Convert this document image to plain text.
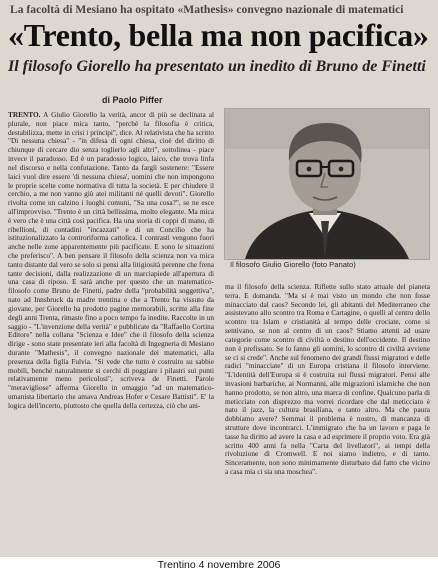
La facoltà di Mesiano ha ospitato «Mathesis» convegno nazionale di matematici
«Trento, bella ma non pacifica»
Il filosofo Giorello ha presentato un inedito di Bruno de Finetti
di Paolo Piffer

TRENTO. A Giulio Giorello la verità, ancor di più se declinata al plurale, non piace mica tanto, "perché la filosofia è critica, destabilizza, mette in crisi i principi", dice. Al relativista che ha scritto "Di nessuna chiesa" - "in difesa di ogni chiesa, cioè del diritto di chiunque di cercare dio senza toglierlo agli altri", sottolinea - piace invece il paradosso. Ed è un paradosso logico, laico, che trova linfa nel discorso e nella confutazione. Tanto da fargli sostenere: "Essere laici vuol dire essere 'di nessuna chiesa', uomini che non impongono le proprie scelte come normativa di tutta la società. E per chiudere il cerchio, a me non vanno giù atei militanti né quelli devoti". Giorello rivolta come un calzino i luoghi comuni, "Sa una cosa?", se ne esce all'improvviso. "Trento è un città bellissima, molto elegante. Ma mica è vero che è una città così pacifica. Ha una storia di coppi di mano, di ribellioni, di contadini "incazzati" e di un Concilio che ha istituzionalizzato la controriforma cattolica. I contrasti vengono fuori anche nelle zone apparentemente più pacificate. E sono le situazioni che preferisco". A ben pensare il filosofo della scienza non va mica tanto distante dal vero se solo si pensi alla litigiosità perenne che frena tante decisioni, dalla realizzazione di un marciapiede all'apertura di una casa di riposo. E sarà anche per questo che un matematico-filosofo come Bruno de Finetti, padre della "probabilità soggettiva", nato ad Innsbruck da madre trentina e che a Trento ha vissuto da giovane, per Giorello ha prodotto pagine memorabili, scritte alla fine degli anni Trenta, rimaste fino a poco tempo fa inedite. Raccolte in un saggio - "L'invenzione della verità" e pubblicate da "Raffaello Cortina Editore" nella collana "Scienza e Idee" che il filosofo della scienza dirige - sono state presentate ieri alla facoltà di Ingegneria di Mesiano durante "Mathesis", il convegno nazionale dei matematici, alla presenza della figlia Fulvia. "Si vede che tutto è costruito su sabbie mobili, benché naturalmente si cerchi di poggiare i pilastri sui punti relativamente meno pericolosi", scriveva de Finetti. Parole "meravigliose" afferma Giorello in omaggio "ad un matematico-umanista libertario che amava Andreas Hofer e Cesare Battisti". E' la logica dell'incerto, piuttosto che quella della certezza, ciò che ani-

Il filosofo Giulio Giorello (foto Panato)

ma il filosofo della scienza. Riflette sullo stato attuale del pianeta terra. E domanda. "Ma si è mai visto un mondo che non fosse minacciato dal caos? Secondo lei, gli abitanti del Mediterraneo che assistevano allo scontro tra Roma e Cartagine, o quelli al centro dello scontro tra Islam e cristianità al tempo delle crociate, come si sentivano, se non al centro di un caos? Stiamo attenti ad usare categorie come scontro di civiltà o destino dell'occidente. Il destino non è prefissato. Se lo fanno gli uomini, lo scontro di civiltà avviene se ci si crede". Anche sul fenomeno dei grandi flussi migratori e delle radici "minacciate" di un Europa cristiana il filosofo interviene. "L'identità dell'Europa si è costruita sui flussi migratori. Pensi alle invasioni barbariche, ai Normanni, alle migrazioni islamiche che non hanno prodotto, se non altro, una marca di confine. Qualcuno parla di meticciato con disprezzo ma vorrei ricordare che dal meticciato è nato il jazz, la cultura brasiliana, e tanto altro. Ma che paura dobbiamo avere? Semmai il problema è nostro, di mancanza di strutture dove incontrarci. L'immigrato che ha un lavoro e paga le tasse ha diritto ad avere la casa e ad esprimere il proprio voto. Era già scritto 400 anni fa nella "Carta del livellatori", ai tempi della rivoluzione di Cromwell. E noi siamo indietro, e di tanto. Sinceramente, non sono minimamente disturbato dal fatto che vicino a casa mia ci sia una moschea".

Trentino 4 novembre 2006
